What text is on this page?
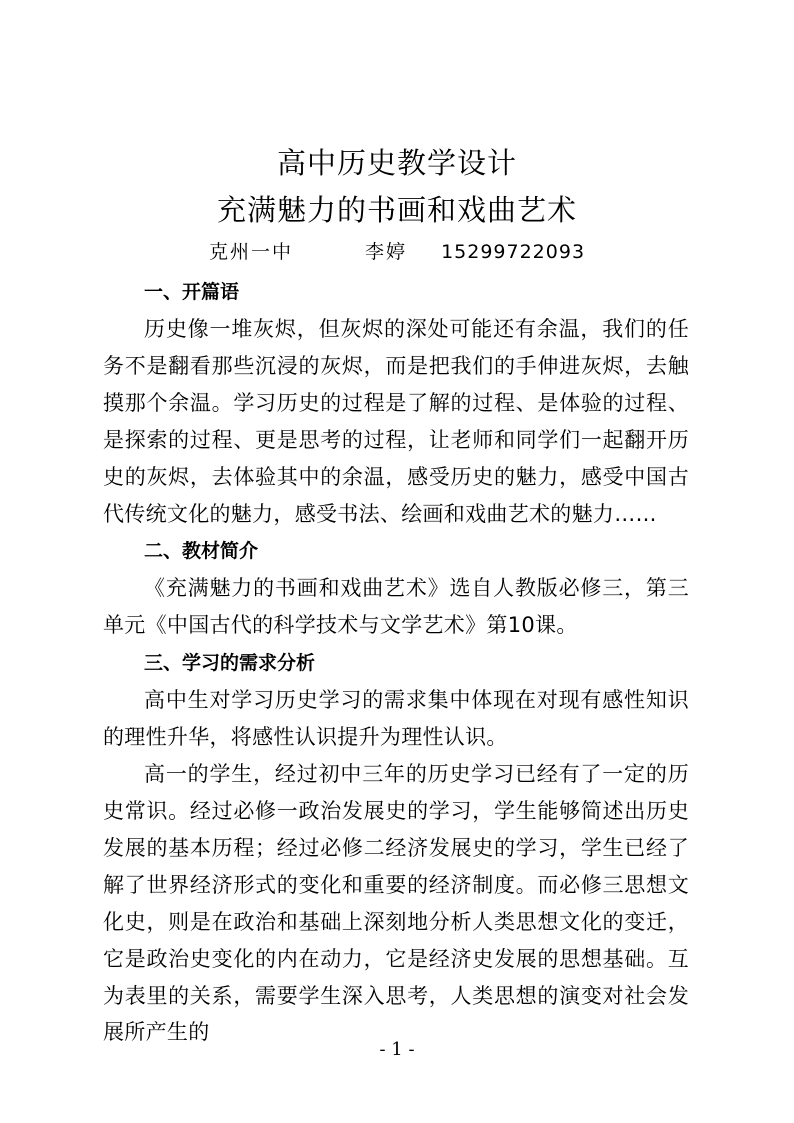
高中历史教学设计
充满魅力的书画和戏曲艺术
克州一中	李婷 15299722093
一、开篇语

历史像一堆灰烬，但灰烬的深处可能还有余温，我们的任务不是翻看那些沉浸的灰烬，而是把我们的手伸进灰烬，去触摸那个余温。学习历史的过程是了解的过程、是体验的过程、是探索的过程、更是思考的过程，让老师和同学们一起翻开历史的灰烬，去体验其中的余温，感受历史的魅力，感受中国古代传统文化的魅力，感受书法、绘画和戏曲艺术的魅力……

二、教材简介

《充满魅力的书画和戏曲艺术》选自人教版必修三，第三单元《中国古代的科学技术与文学艺术》第10课。

三、学习的需求分析

高中生对学习历史学习的需求集中体现在对现有感性知识的理性升华，将感性认识提升为理性认识。

高一的学生，经过初中三年的历史学习已经有了一定的历史常识。经过必修一政治发展史的学习，学生能够简述出历史发展的基本历程；经过必修二经济发展史的学习，学生已经了解了世界经济形式的变化和重要的经济制度。而必修三思想文化史，则是在政治和基础上深刻地分析人类思想文化的变迁，它是政治史变化的内在动力，它是经济史发展的思想基础。互为表里的关系，需要学生深入思考，人类思想的演变对社会发展所产生的

- 1 -
